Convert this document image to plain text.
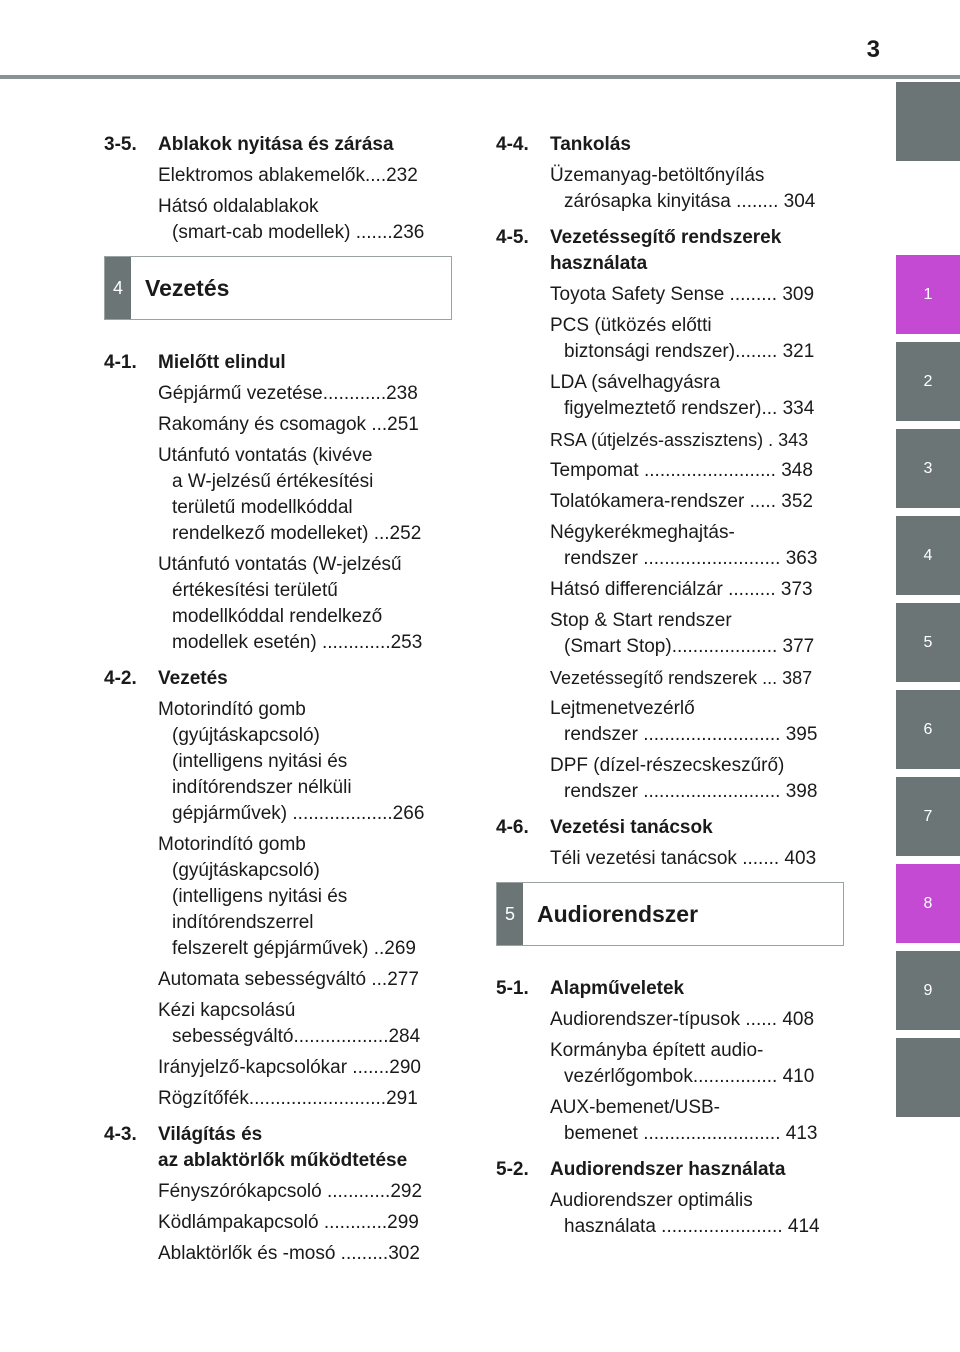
3
1
2
3
4
5
6
7
8
9
3-5.	Ablakok nyitása és zárása
Elektromos ablakemelők....232
Hátsó oldalablakok
(smart-cab modellek) .......236
4 Vezetés
4-1.	Mielőtt elindul
Gépjármű vezetése............238
Rakomány és csomagok ...251
Utánfutó vontatás (kivéve
a W-jelzésű értékesítési
területű modellkóddal
rendelkező modelleket) ...252
Utánfutó vontatás (W-jelzésű
értékesítési területű
modellkóddal rendelkező
modellek esetén) .............253
4-2.	Vezetés
Motorindító gomb
(gyújtáskapcsoló)
(intelligens nyitási és
indítórendszer nélküli
gépjárművek) ...................266
Motorindító gomb
(gyújtáskapcsoló)
(intelligens nyitási és
indítórendszerrel
felszerelt gépjárművek) ..269
Automata sebességváltó ...277
Kézi kapcsolású
sebességváltó..................284
Irányjelző-kapcsolókar .......290
Rögzítőfék..........................291
4-3.	Világítás és
az ablaktörlők működtetése
Fényszórókapcsoló ............292
Ködlámpakapcsoló ............299
Ablaktörlők és -mosó .........302
4-4.	Tankolás
Üzemanyag-betöltőnyílás
zárósapka kinyitása ........ 304
4-5.	Vezetéssegítő rendszerek
használata
Toyota Safety Sense ......... 309
PCS (ütközés előtti
biztonsági rendszer)........ 321
LDA (sávelhagyásra
figyelmeztető rendszer)... 334
RSA (útjelzés-asszisztens) . 343
Tempomat ......................... 348
Tolatókamera-rendszer ..... 352
Négykerékmeghajtás-
rendszer .......................... 363
Hátsó differenciálzár ......... 373
Stop & Start rendszer
(Smart Stop).................... 377
Vezetéssegítő rendszerek ... 387
Lejtmenetvezérlő
rendszer .......................... 395
DPF (dízel-részecskeszűrő)
rendszer .......................... 398
4-6.	Vezetési tanácsok
Téli vezetési tanácsok ....... 403
5 Audiorendszer
5-1.	Alapműveletek
Audiorendszer-típusok ...... 408
Kormányba épített audio-
vezérlőgombok................ 410
AUX-bemenet/USB-
bemenet .......................... 413
5-2.	Audiorendszer használata
Audiorendszer optimális
használata ....................... 414
